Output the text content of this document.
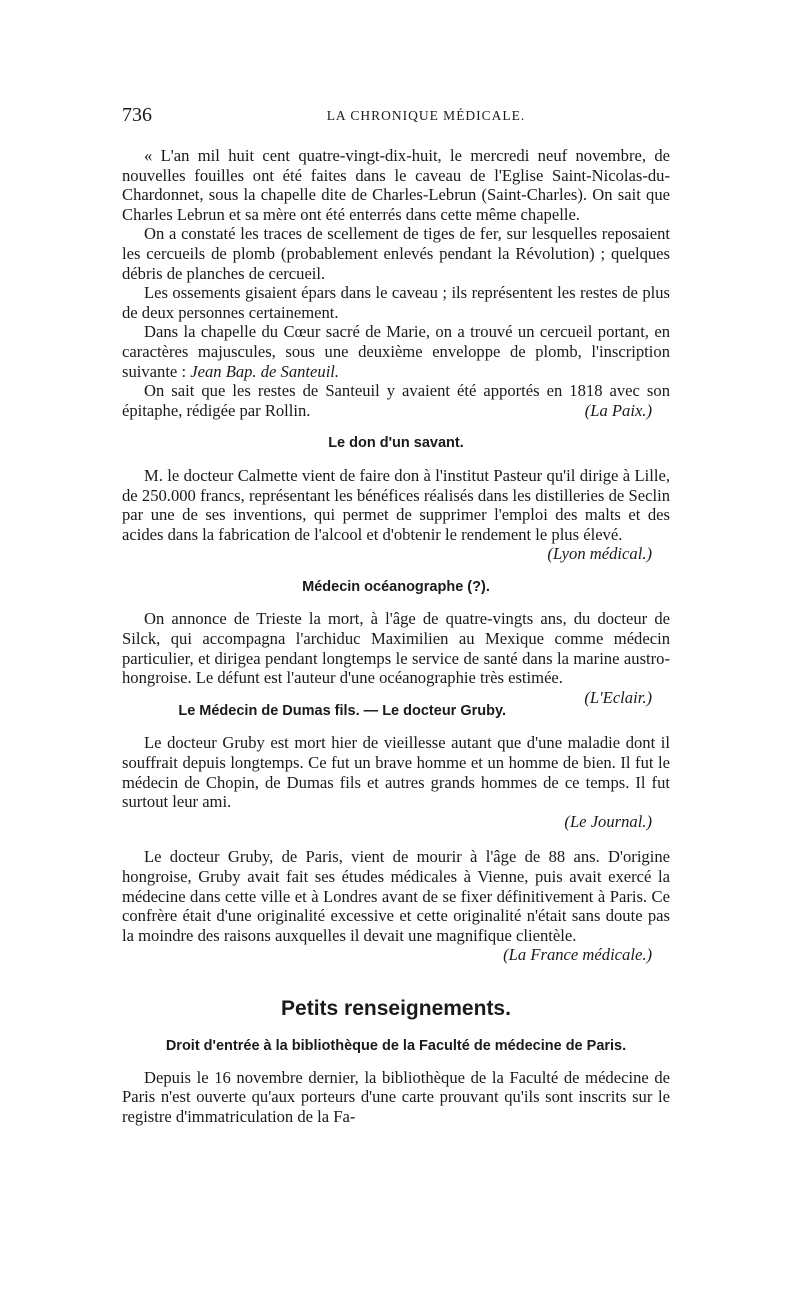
736	LA CHRONIQUE MÉDICALE.

« L'an mil huit cent quatre-vingt-dix-huit, le mercredi neuf novembre, de nouvelles fouilles ont été faites dans le caveau de l'Eglise Saint-Nicolas-du-Chardonnet, sous la chapelle dite de Charles-Lebrun (Saint-Charles). On sait que Charles Lebrun et sa mère ont été enterrés dans cette même chapelle.

On a constaté les traces de scellement de tiges de fer, sur lesquelles reposaient les cercueils de plomb (probablement enlevés pendant la Révolution) ; quelques débris de planches de cercueil.

Les ossements gisaient épars dans le caveau ; ils représentent les restes de plus de deux personnes certainement.

Dans la chapelle du Cœur sacré de Marie, on a trouvé un cercueil portant, en caractères majuscules, sous une deuxième enveloppe de plomb, l'inscription suivante : Jean Bap. de Santeuil.

On sait que les restes de Santeuil y avaient été apportés en 1818 avec son épitaphe, rédigée par Rollin.	(La Paix.)

Le don d'un savant.

M. le docteur Calmette vient de faire don à l'institut Pasteur qu'il dirige à Lille, de 250.000 francs, représentant les bénéfices réalisés dans les distilleries de Seclin par une de ses inventions, qui permet de supprimer l'emploi des malts et des acides dans la fabrication de l'alcool et d'obtenir le rendement le plus élevé.

(Lyon médical.)

Médecin océanographe (?).

On annonce de Trieste la mort, à l'âge de quatre-vingts ans, du docteur de Silck, qui accompagna l'archiduc Maximilien au Mexique comme médecin particulier, et dirigea pendant longtemps le service de santé dans la marine austro-hongroise. Le défunt est l'auteur d'une océanographie très estimée.
(L'Eclair.)

Le Médecin de Dumas fils. — Le docteur Gruby.

Le docteur Gruby est mort hier de vieillesse autant que d'une maladie dont il souffrait depuis longtemps. Ce fut un brave homme et un homme de bien. Il fut le médecin de Chopin, de Dumas fils et autres grands hommes de ce temps. Il fut surtout leur ami.

(Le Journal.)

Le docteur Gruby, de Paris, vient de mourir à l'âge de 88 ans. D'origine hongroise, Gruby avait fait ses études médicales à Vienne, puis avait exercé la médecine dans cette ville et à Londres avant de se fixer définitivement à Paris. Ce confrère était d'une originalité excessive et cette originalité n'était sans doute pas la moindre des raisons auxquelles il devait une magnifique clientèle.

(La France médicale.)

Petits renseignements.
Droit d'entrée à la bibliothèque de la Faculté de médecine de Paris.

Depuis le 16 novembre dernier, la bibliothèque de la Faculté de médecine de Paris n'est ouverte qu'aux porteurs d'une carte prouvant qu'ils sont inscrits sur le registre d'immatriculation de la Fa-
